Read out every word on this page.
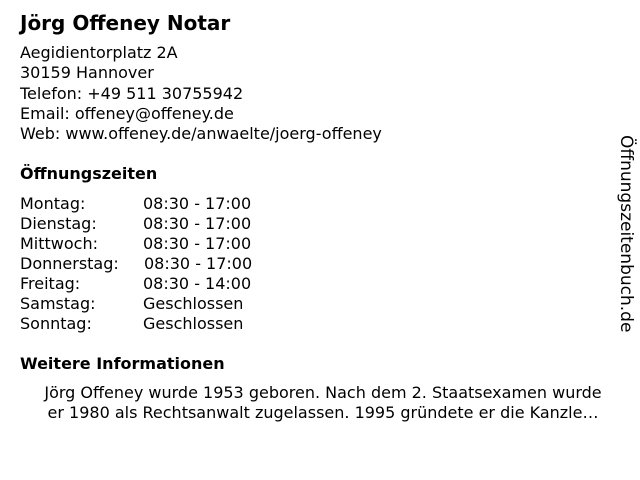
Jörg Offeney Notar
Aegidientorplatz 2A
30159 Hannover
Telefon: +49 511 30755942
Email: offeney@offeney.de
Web: www.offeney.de/anwaelte/joerg-offeney
Öffnungszeiten
Montag:	08:30 - 17:00
Dienstag:	08:30 - 17:00
Mittwoch:	08:30 - 17:00
Donnerstag: 08:30 - 17:00
Freitag:	08:30 - 14:00
Samstag:	Geschlossen
Sonntag:	Geschlossen
Weitere Informationen
Jörg Offeney wurde 1953 geboren. Nach dem 2. Staatsexamen wurde
er 1980 als Rechtsanwalt zugelassen. 1995 gründete er die Kanzle…
Öffnungszeitenbuch.de
